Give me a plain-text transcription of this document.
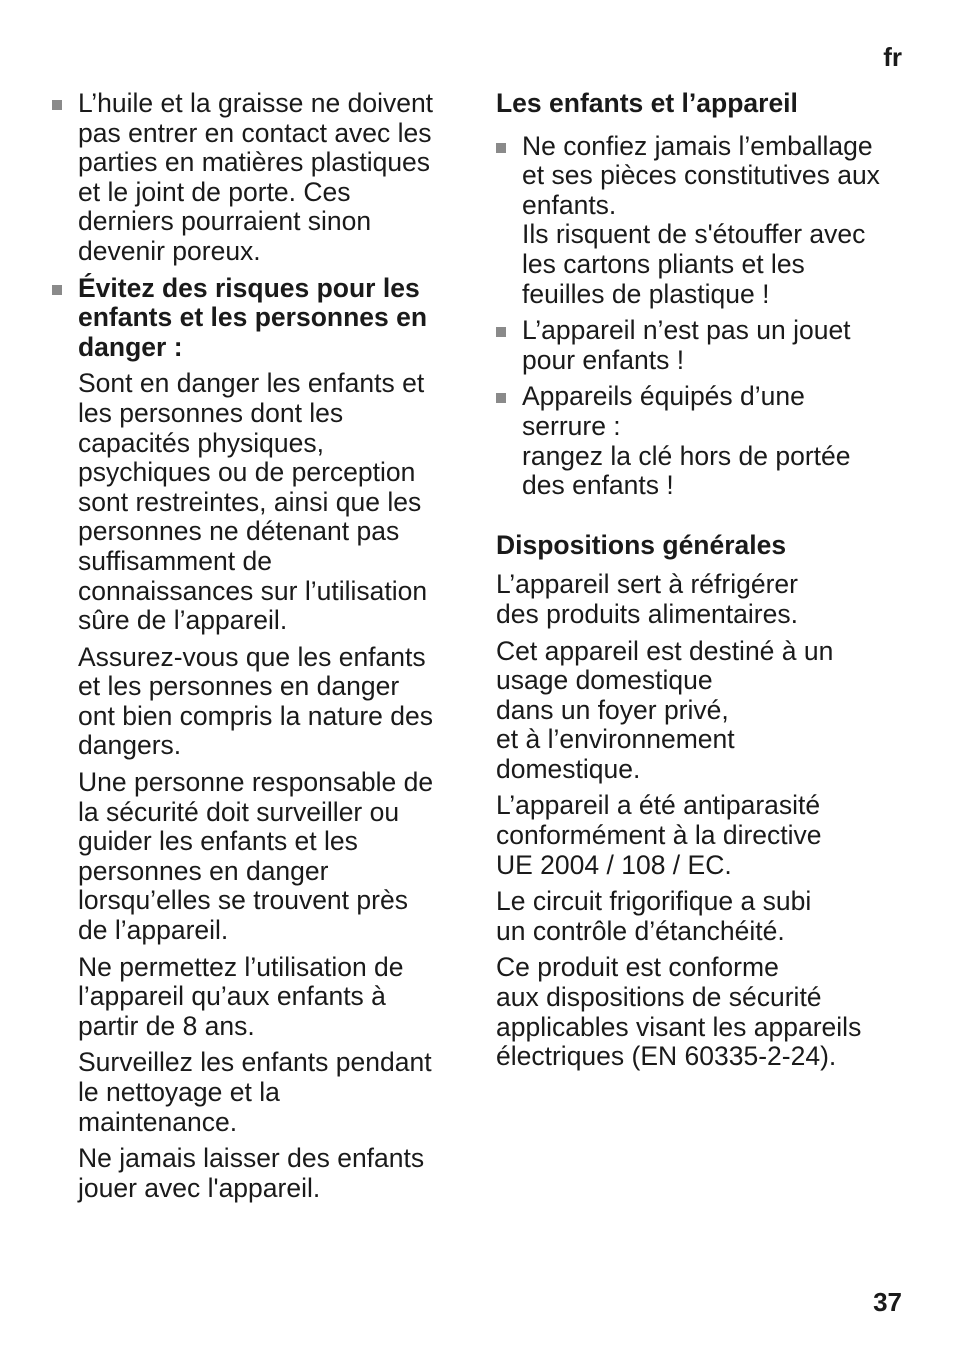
fr
L’huile et la graisse ne doivent
pas entrer en contact avec les
parties en matières plastiques
et le joint de porte. Ces
derniers pourraient sinon
devenir poreux.
Évitez des risques pour les
enfants et les personnes en
danger :
Sont en danger les enfants et
les personnes dont les
capacités physiques,
psychiques ou de perception
sont restreintes, ainsi que les
personnes ne détenant pas
suffisamment de
connaissances sur l’utilisation
sûre de l’appareil.
Assurez-vous que les enfants
et les personnes en danger
ont bien compris la nature des
dangers.
Une personne responsable de
la sécurité doit surveiller ou
guider les enfants et les
personnes en danger
lorsqu’elles se trouvent près
de l’appareil.
Ne permettez l’utilisation de
l’appareil qu’aux enfants à
partir de 8 ans.
Surveillez les enfants pendant
le nettoyage et la
maintenance.
Ne jamais laisser des enfants
jouer avec l'appareil.
Les enfants et l’appareil
Ne confiez jamais l’emballage
et ses pièces constitutives aux
enfants.
Ils risquent de s'étouffer avec
les cartons pliants et les
feuilles de plastique !
L’appareil n’est pas un jouet
pour enfants !
Appareils équipés d’une
serrure :
rangez la clé hors de portée
des enfants !
Dispositions générales
L’appareil sert à réfrigérer
des produits alimentaires.
Cet appareil est destiné à un
usage domestique
dans un foyer privé,
et à l’environnement
domestique.
L’appareil a été antiparasité
conformément à la directive
UE 2004 / 108 / EC.
Le circuit frigorifique a subi
un contrôle d’étanchéité.
Ce produit est conforme
aux dispositions de sécurité
applicables visant les appareils
électriques (EN 60335-2-24).
37
